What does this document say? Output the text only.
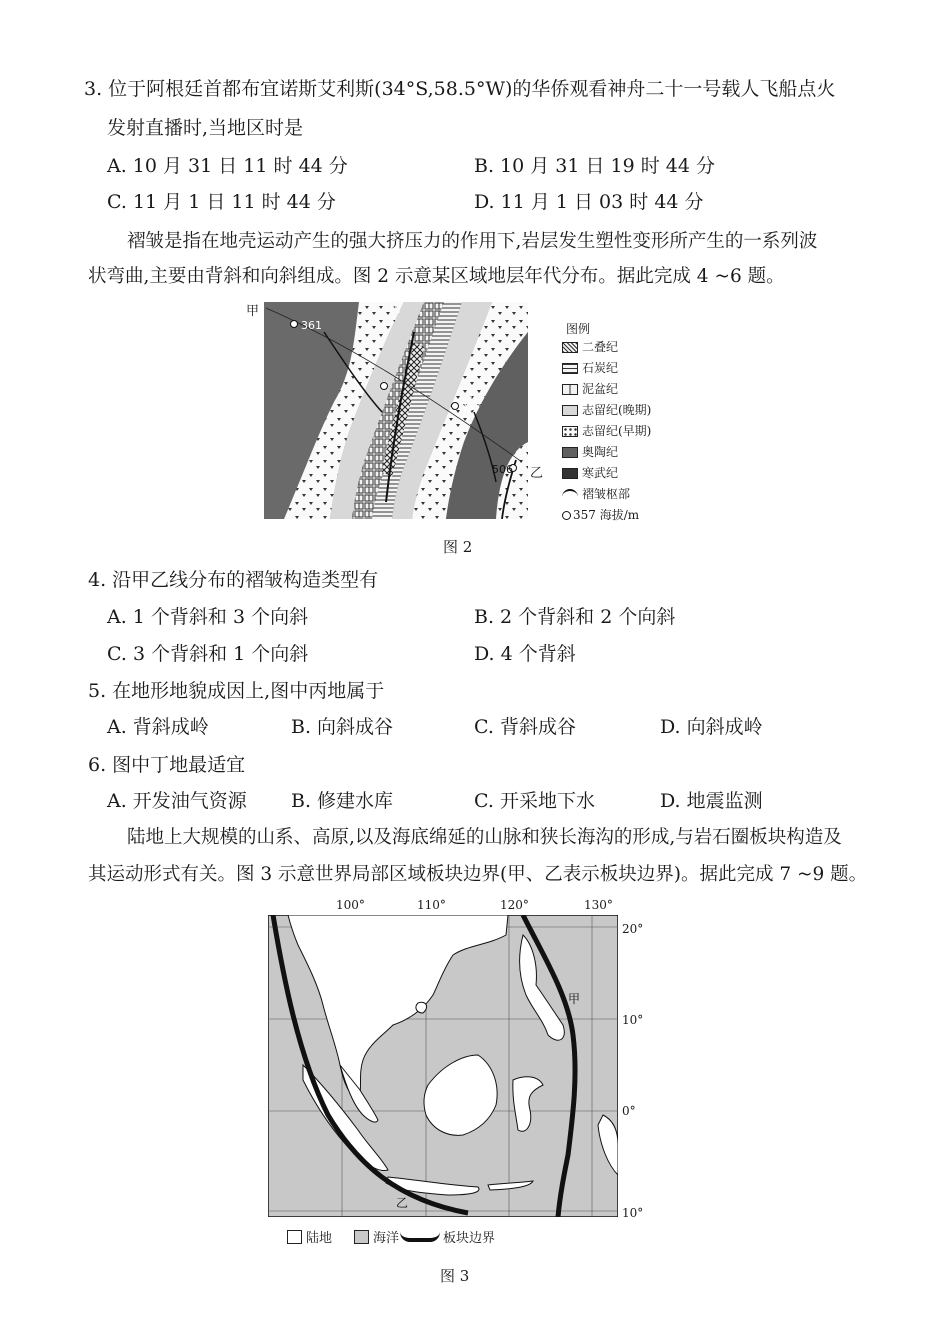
3. 位于阿根廷首都布宜诺斯艾利斯(34°S,58.5°W)的华侨观看神舟二十一号载人飞船点火
发射直播时,当地区时是
A. 10 月 31 日 11 时 44 分	B. 10 月 31 日 19 时 44 分
C. 11 月 1 日 11 时 44 分	D. 11 月 1 日 03 时 44 分
褶皱是指在地壳运动产生的强大挤压力的作用下,岩层发生塑性变形所产生的一系列波
状弯曲,主要由背斜和向斜组成。图 2 示意某区域地层年代分布。据此完成 4 ~6 题。
361
357
506
丁
丙
甲
乙
图例
二叠纪
石炭纪
泥盆纪
志留纪(晚期)
志留纪(早期)
奥陶纪
寒武纪
褶皱枢部
357 海拔/m
图 2
4. 沿甲乙线分布的褶皱构造类型有
A. 1 个背斜和 3 个向斜	B. 2 个背斜和 2 个向斜
C. 3 个背斜和 1 个向斜	D. 4 个背斜
5. 在地形地貌成因上,图中丙地属于
A. 背斜成岭	B. 向斜成谷	C. 背斜成谷	D. 向斜成岭
6. 图中丁地最适宜
A. 开发油气资源 B. 修建水库	C. 开采地下水	D. 地震监测
陆地上大规模的山系、高原,以及海底绵延的山脉和狭长海沟的形成,与岩石圈板块构造及
其运动形式有关。图 3 示意世界局部区域板块边界(甲、乙表示板块边界)。据此完成 7 ~9 题。
100°	110°	120°	130°
20°
10°
0°
10°
甲
乙
陆地	海洋	板块边界
图 3
